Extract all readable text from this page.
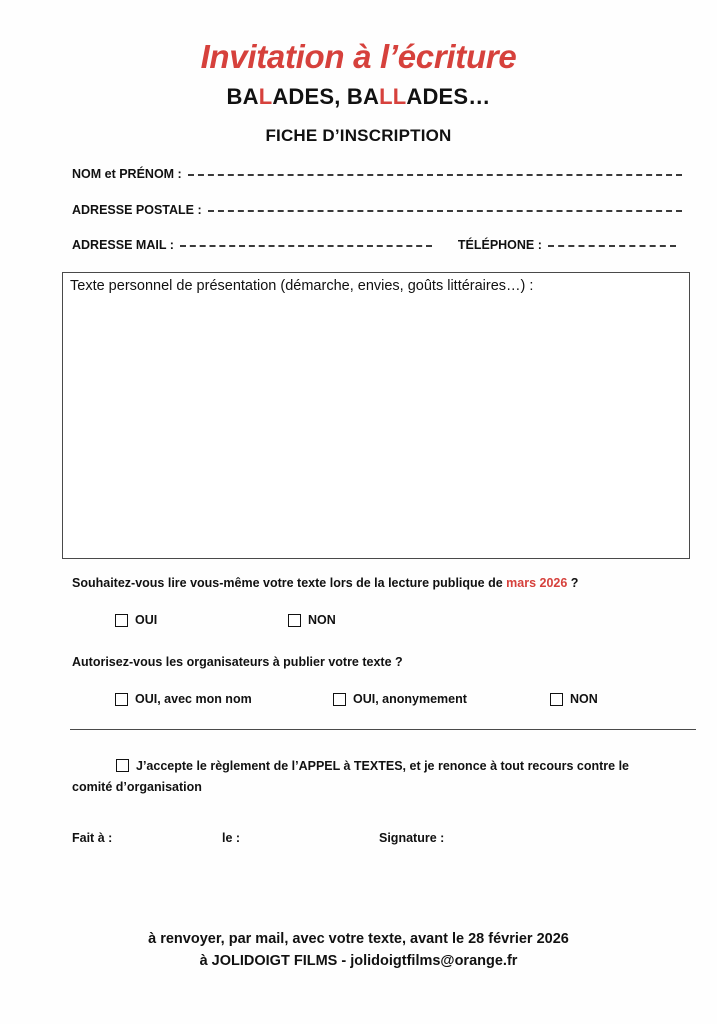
Invitation à l’écriture
BALADES, BALLADES…
FICHE D’INSCRIPTION
NOM et PRÉNOM :
ADRESSE POSTALE :
ADRESSE MAIL :	TÉLÉPHONE :
Texte personnel de présentation (démarche, envies, goûts littéraires…) :
Souhaitez-vous lire vous-même votre texte lors de la lecture publique de mars 2026 ?
OUI	NON
Autorisez-vous les organisateurs à publier votre texte ?
OUI, avec mon nom	OUI, anonymement	NON
J’accepte le règlement de l’APPEL à TEXTES, et je renonce à tout recours contre le comité d’organisation
Fait à :	le :	Signature :
à renvoyer, par mail, avec votre texte, avant le 28 février 2026
à JOLIDOIGT FILMS - jolidoigtfilms@orange.fr
